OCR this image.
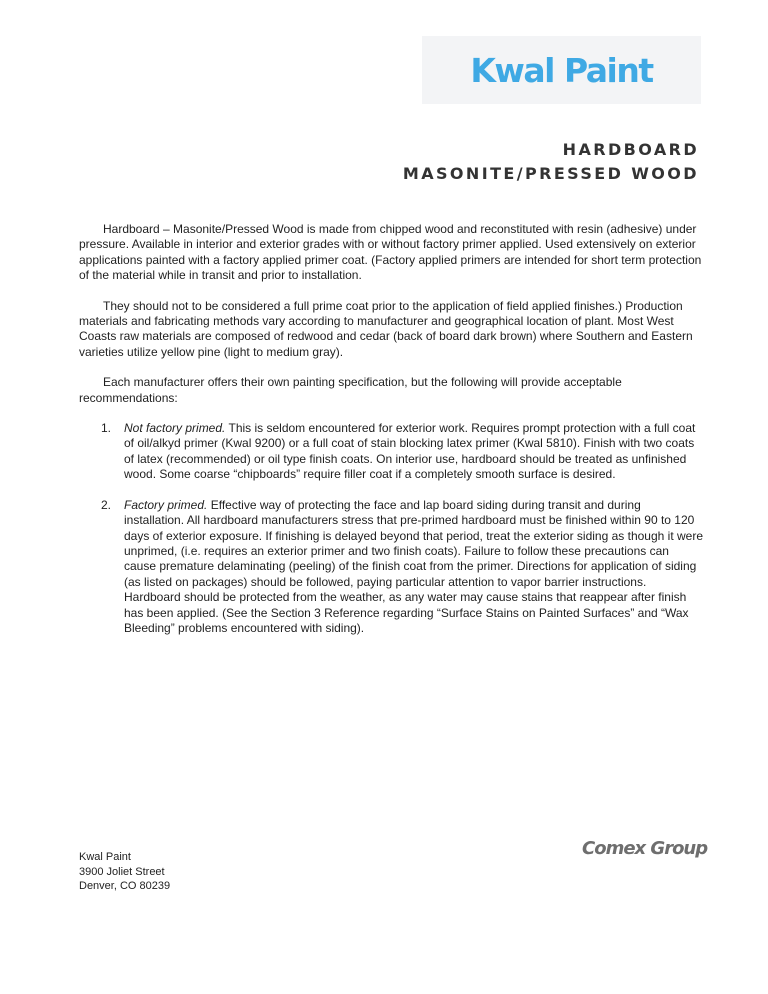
Kwal Paint
HARDBOARD
MASONITE/PRESSED WOOD

Hardboard – Masonite/Pressed Wood is made from chipped wood and reconstituted with resin (adhesive) under pressure. Available in interior and exterior grades with or without factory primer applied. Used extensively on exterior applications painted with a factory applied primer coat. (Factory applied primers are intended for short term protection of the material while in transit and prior to installation.

They should not to be considered a full prime coat prior to the application of field applied finishes.) Production materials and fabricating methods vary according to manufacturer and geographical location of plant. Most West Coasts raw materials are composed of redwood and cedar (back of board dark brown) where Southern and Eastern varieties utilize yellow pine (light to medium gray).

Each manufacturer offers their own painting specification, but the following will provide acceptable recommendations:

1. Not factory primed. This is seldom encountered for exterior work. Requires prompt protection with a full coat of oil/alkyd primer (Kwal 9200) or a full coat of stain blocking latex primer (Kwal 5810). Finish with two coats of latex (recommended) or oil type finish coats. On interior use, hardboard should be treated as unfinished wood. Some coarse “chipboards” require filler coat if a completely smooth surface is desired.
2. Factory primed. Effective way of protecting the face and lap board siding during transit and during installation. All hardboard manufacturers stress that pre-primed hardboard must be finished within 90 to 120 days of exterior exposure. If finishing is delayed beyond that period, treat the exterior siding as though it were unprimed, (i.e. requires an exterior primer and two finish coats). Failure to follow these precautions can cause premature delaminating (peeling) of the finish coat from the primer. Directions for application of siding (as listed on packages) should be followed, paying particular attention to vapor barrier instructions. Hardboard should be protected from the weather, as any water may cause stains that reappear after finish has been applied. (See the Section 3 Reference regarding “Surface Stains on Painted Surfaces” and “Wax Bleeding” problems encountered with siding).
Kwal Paint
3900 Joliet Street
Denver, CO 80239
Comex Group
